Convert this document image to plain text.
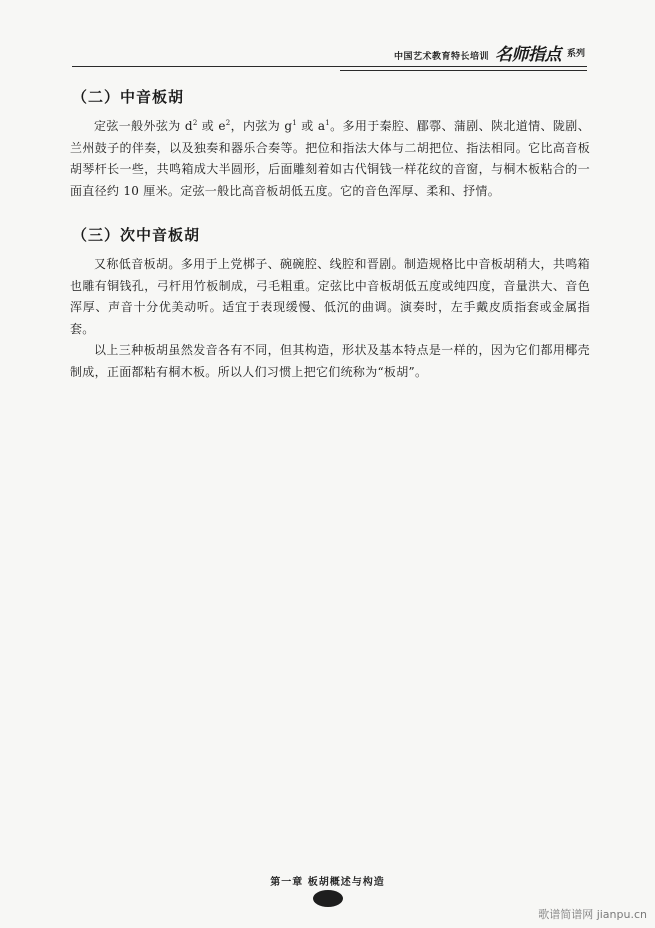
中国艺术教育特长培训 名师指点 系列
（二）中音板胡

定弦一般外弦为 $d^2$ 或 $e^2$，内弦为 $g^1$ 或 $a^1$。多用于秦腔、郿鄠、蒲剧、陕北道情、陇剧、兰州鼓子的伴奏，以及独奏和器乐合奏等。把位和指法大体与二胡把位、指法相同。它比高音板胡琴杆长一些，共鸣箱成大半圆形，后面雕刻着如古代铜钱一样花纹的音窗，与桐木板粘合的一面直径约 10 厘米。定弦一般比高音板胡低五度。它的音色浑厚、柔和、抒情。

（三）次中音板胡

又称低音板胡。多用于上党梆子、碗碗腔、线腔和晋剧。制造规格比中音板胡稍大，共鸣箱也雕有铜钱孔，弓杆用竹板制成，弓毛粗重。定弦比中音板胡低五度或纯四度，音量洪大、音色浑厚、声音十分优美动听。适宜于表现缓慢、低沉的曲调。演奏时，左手戴皮质指套或金属指套。

以上三种板胡虽然发音各有不同，但其构造，形状及基本特点是一样的，因为它们都用椰壳制成，正面都粘有桐木板。所以人们习惯上把它们统称为“板胡”。

第一章 板胡概述与构造
歌谱简谱网 jianpu.cn
